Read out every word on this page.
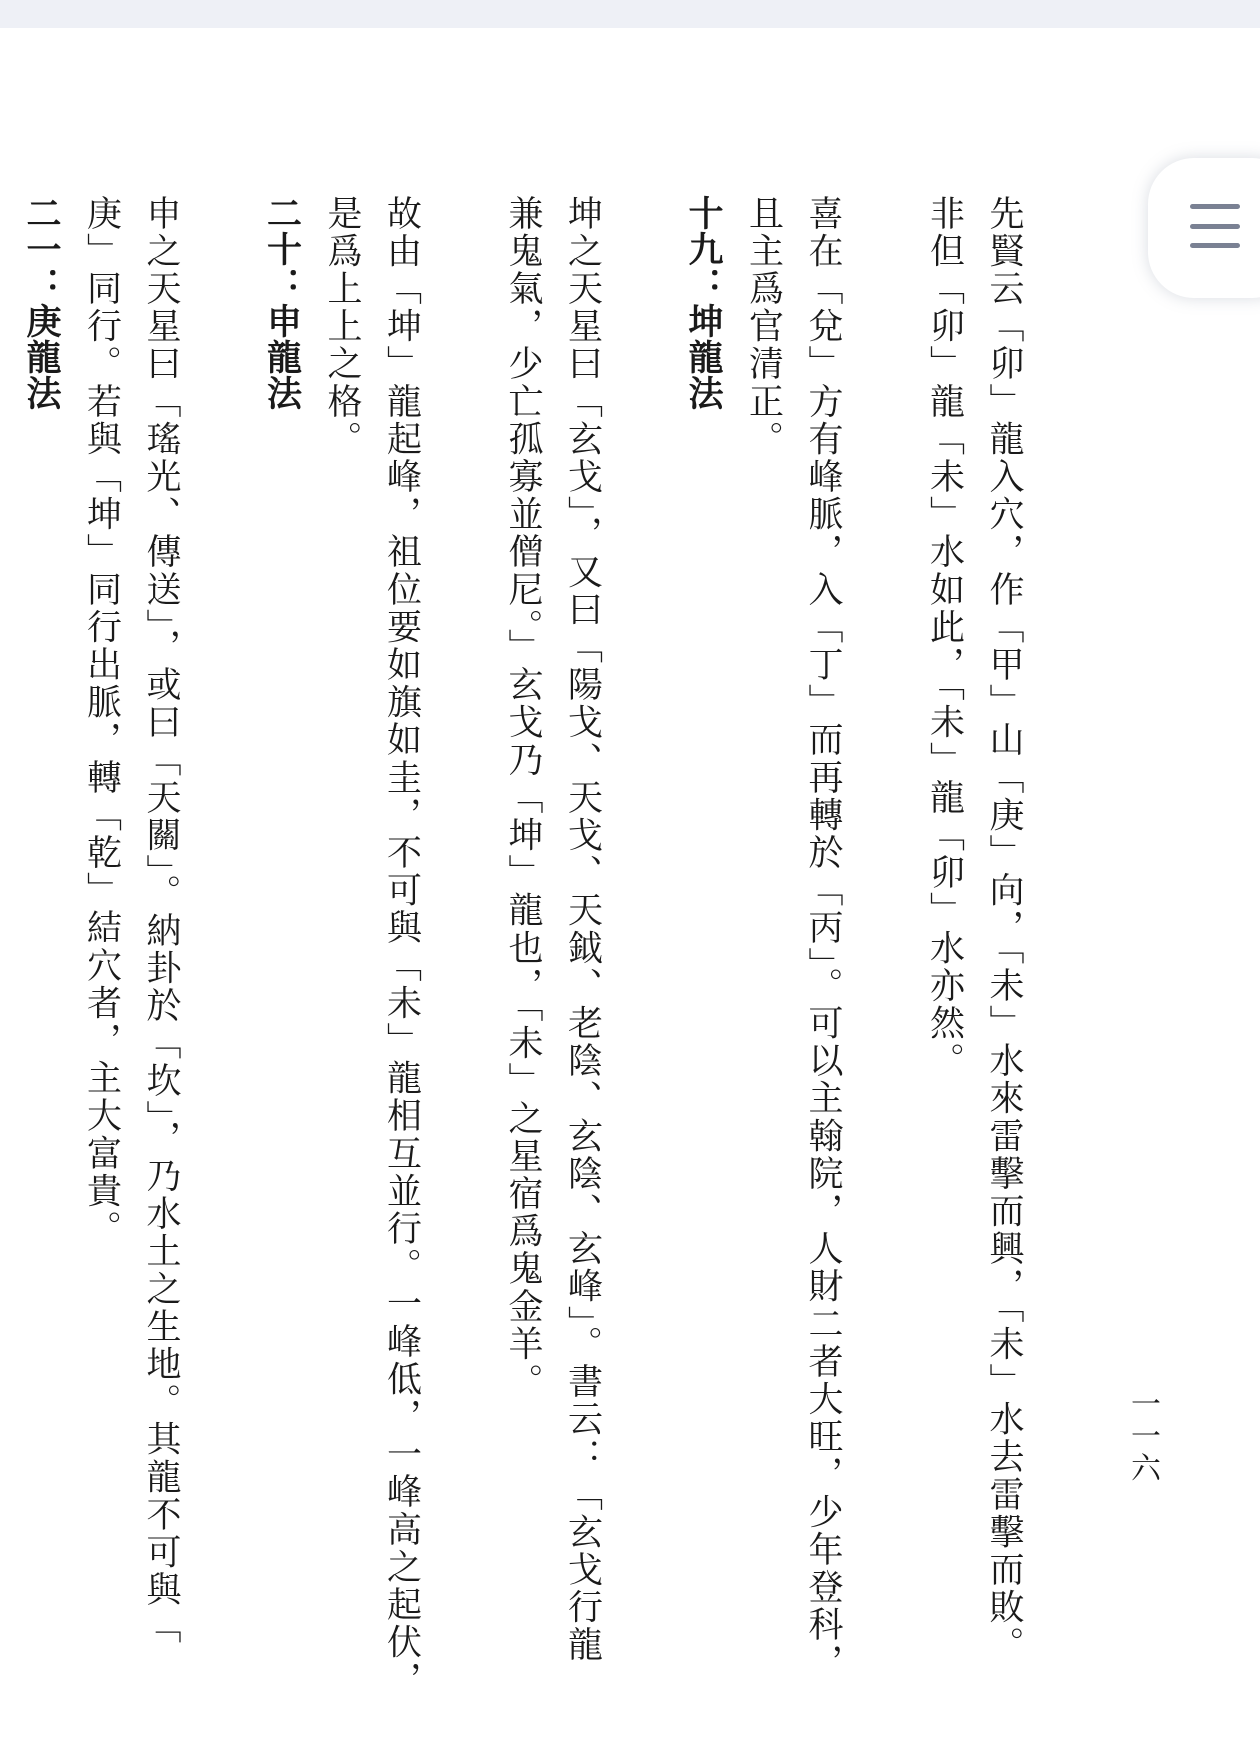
一一六
先賢云「卯」龍入穴，作「甲」山「庚」向，「未」水來雷擊而興，「未」水去雷擊而敗。
非但「卯」龍「未」水如此，「未」龍「卯」水亦然。
喜在「兌」方有峰脈，入「丁」而再轉於「丙」。可以主翰院，人財二者大旺，少年登科，
且主爲官清正。
十九：坤龍法
坤之天星曰「玄戈」，又曰「陽戈、天戈、天鉞、老陰、玄陰、玄峰」。書云：「玄戈行龍
兼鬼氣，少亡孤寡並僧尼。」玄戈乃「坤」龍也，「未」之星宿爲鬼金羊。
故由「坤」龍起峰，祖位要如旗如圭，不可與「未」龍相互並行。一峰低，一峰高之起伏，
是爲上上之格。
二十：申龍法
申之天星曰「瑤光、傳送」，或曰「天關」。納卦於「坎」，乃水土之生地。其龍不可與「
庚」同行。若與「坤」同行出脈，轉「乾」結穴者，主大富貴。
二一：庚龍法
